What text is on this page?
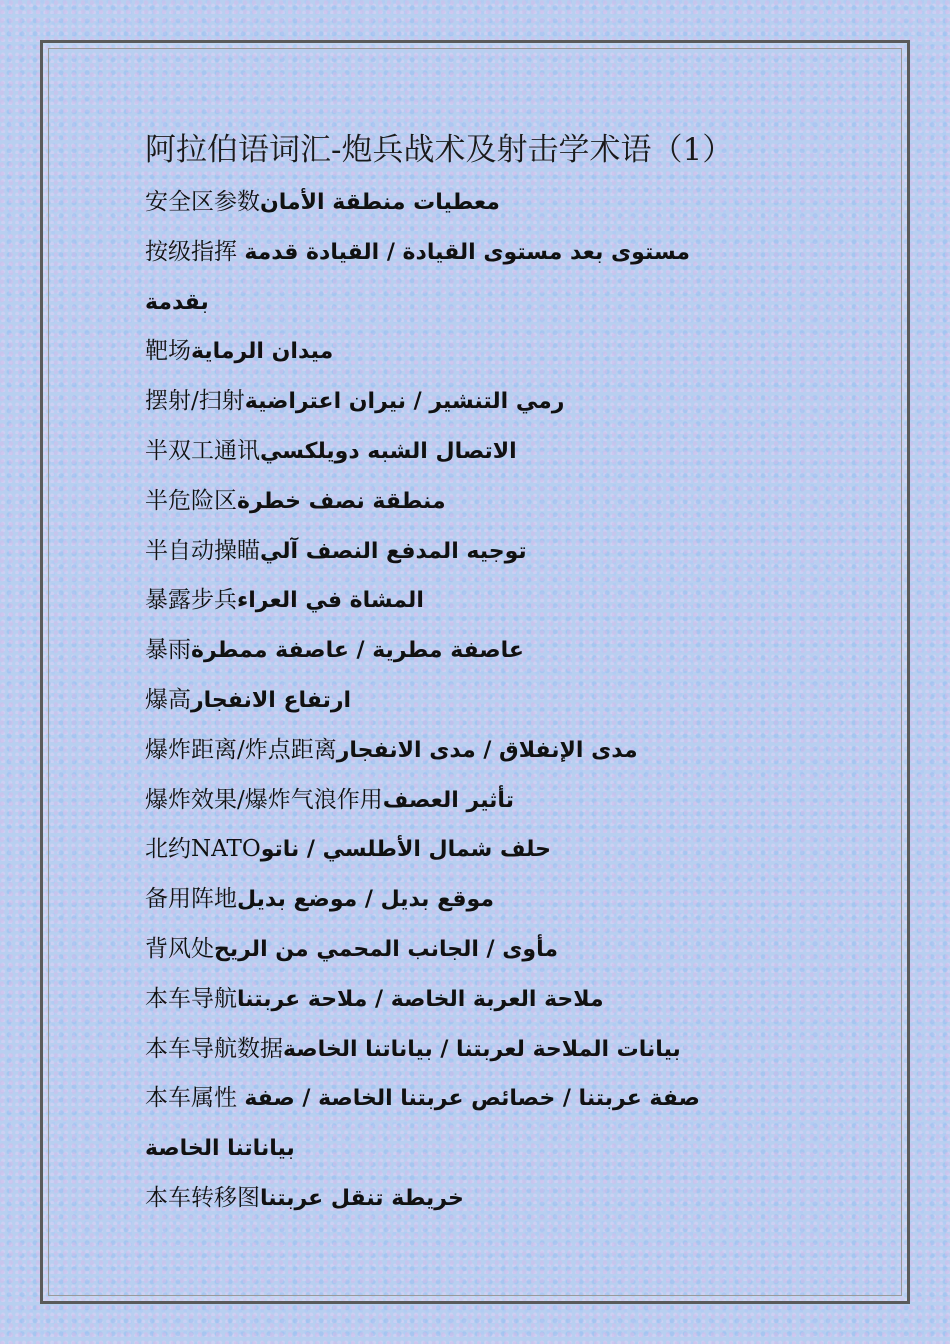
阿拉伯语词汇-炮兵战术及射击学术语（1）
安全区参数معطيات منطقة الأمان
按级指挥 مستوى بعد مستوى القيادة / القيادة قدمة
بقدمة
靶场ميدان الرماية
摆射/扫射رمي التنشير / نيران اعتراضية
半双工通讯الاتصال الشبه دويلكسي
半危险区منطقة نصف خطرة
半自动操瞄توجيه المدفع النصف آلي
暴露步兵المشاة في العراء
暴雨عاصفة مطرية / عاصفة ممطرة
爆高ارتفاع الانفجار
爆炸距离/炸点距离مدى الإنفلاق / مدى الانفجار
爆炸效果/爆炸气浪作用تأثير العصف
北约NATOحلف شمال الأطلسي / ناتو
备用阵地موقع بديل / موضع بديل
背风处مأوى / الجانب المحمي من الريح
本车导航ملاحة العربة الخاصة / ملاحة عربتنا
本车导航数据بيانات الملاحة لعربتنا / بياناتنا الخاصة
本车属性 صفة عربتنا / خصائص عربتنا الخاصة / صفة
بياناتنا الخاصة
本车转移图خريطة تنقل عربتنا
